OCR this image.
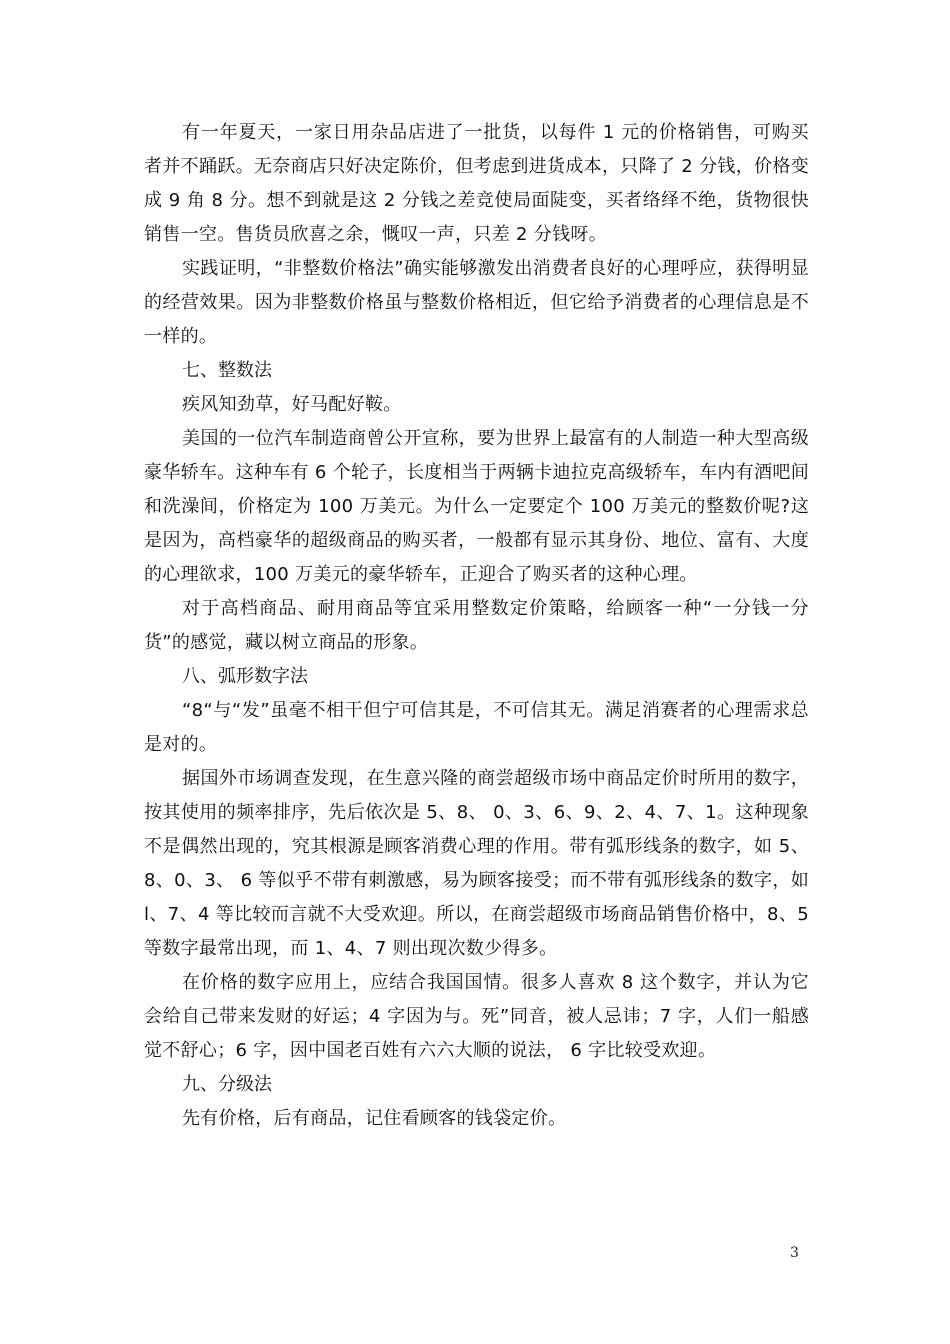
有一年夏天，一家日用杂品店进了一批货，以每件 1 元的价格销售，可购买者并不踊跃。无奈商店只好决定陈价，但考虑到进货成本，只降了 2 分钱，价格变成 9 角 8 分。想不到就是这 2 分钱之差竞使局面陡变，买者络绎不绝，货物很快销售一空。售货员欣喜之余，慨叹一声，只差 2 分钱呀。

实践证明，“非整数价格法”确实能够激发出消费者良好的心理呼应，获得明显的经营效果。因为非整数价格虽与整数价格相近，但它给予消费者的心理信息是不一样的。

七、整数法

疾风知劲草，好马配好鞍。

美国的一位汽车制造商曾公开宣称，要为世界上最富有的人制造一种大型高级豪华轿车。这种车有 6 个轮子，长度相当于两辆卡迪拉克高级轿车，车内有酒吧间和洗澡间，价格定为 100 万美元。为什么一定要定个 100 万美元的整数价呢?这是因为，高档豪华的超级商品的购买者，一般都有显示其身份、地位、富有、大度的心理欲求，100 万美元的豪华轿车，正迎合了购买者的这种心理。

对于高档商品、耐用商品等宜采用整数定价策略，给顾客一种“一分钱一分货”的感觉，藏以树立商品的形象。

八、弧形数字法

“8“与“发”虽毫不相干但宁可信其是，不可信其无。满足消赛者的心理需求总是对的。

据国外市场调查发现，在生意兴隆的商尝超级市场中商品定价时所用的数字，按其使用的频率排序，先后依次是 5、8、 0、3、6、9、2、4、7、1。这种现象不是偶然出现的，究其根源是顾客消费心理的作用。带有弧形线条的数字，如 5、8、0、3、 6 等似乎不带有刺激感，易为顾客接受；而不带有弧形线条的数字，如 l、7、4 等比较而言就不大受欢迎。所以，在商尝超级市场商品销售价格中，8、5 等数字最常出现，而 1、4、7 则出现次数少得多。

在价格的数字应用上，应结合我国国情。很多人喜欢 8 这个数字，并认为它会给自己带来发财的好运；4 字因为与。死”同音，被人忌讳；7 字，人们一船感觉不舒心；6 字，因中国老百姓有六六大顺的说法， 6 字比较受欢迎。

九、分级法

先有价格，后有商品，记住看顾客的钱袋定价。

3
